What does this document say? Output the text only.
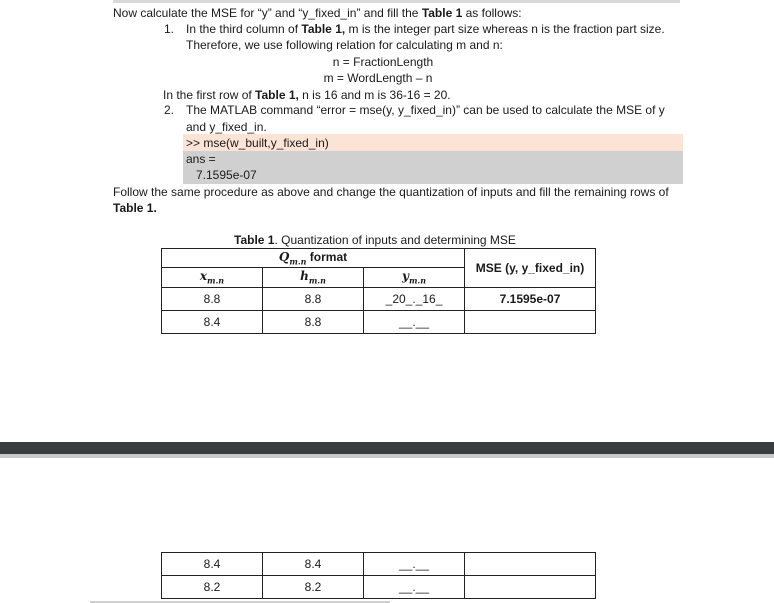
Now calculate the MSE for “y” and “y_fixed_in” and fill the Table 1 as follows:
1. In the third column of Table 1, m is the integer part size whereas n is the fraction part size.
Therefore, we use following relation for calculating m and n:
n = FractionLength
m = WordLength – n
In the first row of Table 1, n is 16 and m is 36-16 = 20.
2. The MATLAB command “error = mse(y, y_fixed_in)” can be used to calculate the MSE of y
and y_fixed_in.
>> mse(w_built,y_fixed_in)
ans =
7.1595e-07
Follow the same procedure as above and change the quantization of inputs and fill the remaining rows of
Table 1.
Table 1. Quantization of inputs and determining MSE
$Q_{m.n}$ format			MSE (y, y_fixed_in)
$x_{m.n}$	$h_{m.n}$	$y_{m.n}$
8.8	8.8	_20_._16_	7.1595e-07
8.4	8.8	__.__	
8.4	8.4	__.__	
8.2	8.2	__.__	
